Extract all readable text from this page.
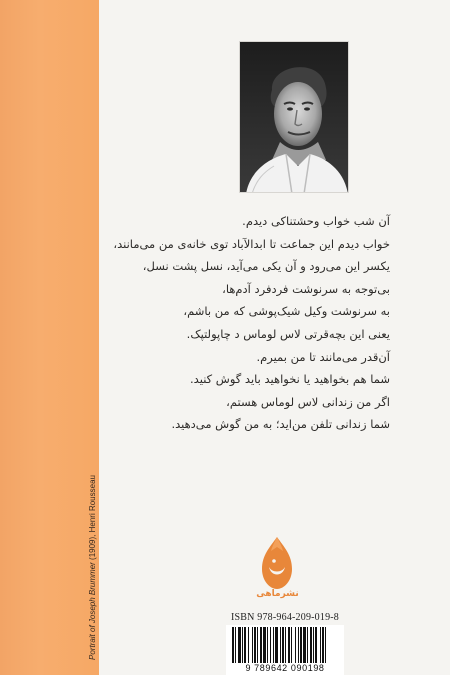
Portrait of Joseph Brummer (1909), Henri Rousseau
آن شب خواب وحشتناکی دیدم.
خواب دیدم این جماعت تا ابدالآباد توی خانه‌ی من می‌مانند،
یکسر این می‌رود و آن یکی می‌آید، نسل پشت نسل،
بی‌توجه به سرنوشت فردفرد آدم‌ها،
به سرنوشت وکیل شیک‌پوشی که من باشم،
یعنی این بچه‌قرتی لاس لوماس د چاپولتپک.
آن‌قدر می‌مانند تا من بمیرم.
شما هم بخواهید یا نخواهید باید گوش کنید.
اگر من زندانی لاس لوماس هستم،
شما زندانی تلفن من‌اید؛ به من گوش می‌دهید.
نشرماهی
ISBN 978-964-209-019-8
9 789642 090198
